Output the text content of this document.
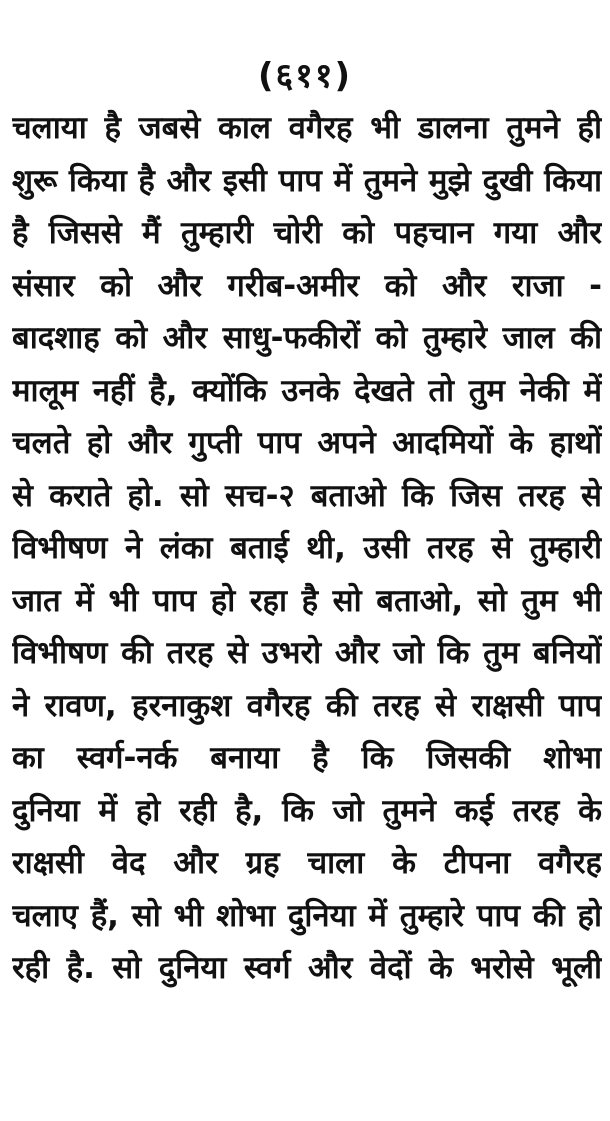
(६११)
चलाया है जबसे काल वगैरह भी डालना तुमने ही
शुरू किया है और इसी पाप में तुमने मुझे दुखी किया
है जिससे मैं तुम्हारी चोरी को पहचान गया और
संसार को और गरीब-अमीर को और राजा -
बादशाह को और साधु-फकीरों को तुम्हारे जाल की
मालूम नहीं है, क्योंकि उनके देखते तो तुम नेकी में
चलते हो और गुप्ती पाप अपने आदमियों के हाथों
से कराते हो. सो सच-२ बताओ कि जिस तरह से
विभीषण ने लंका बताई थी, उसी तरह से तुम्हारी
जात में भी पाप हो रहा है सो बताओ, सो तुम भी
विभीषण की तरह से उभरो और जो कि तुम बनियों
ने रावण, हरनाकुश वगैरह की तरह से राक्षसी पाप
का स्वर्ग-नर्क बनाया है कि जिसकी शोभा
दुनिया में हो रही है, कि जो तुमने कई तरह के
राक्षसी वेद और ग्रह चाला के टीपना वगैरह
चलाए हैं, सो भी शोभा दुनिया में तुम्हारे पाप की हो
रही है. सो दुनिया स्वर्ग और वेदों के भरोसे भूली
